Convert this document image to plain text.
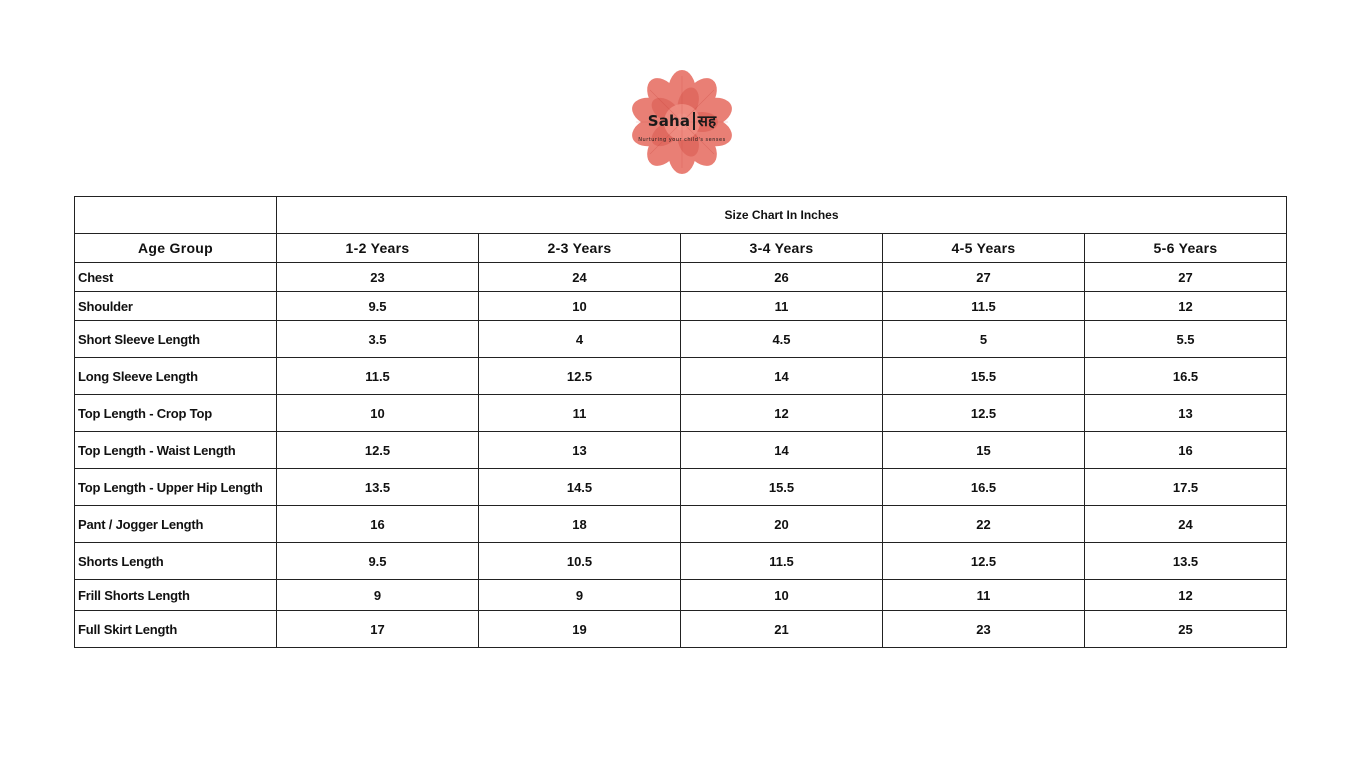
Saha सह
Nurturing your child's senses
	Size Chart In Inches				
Age Group	1-2 Years	2-3 Years	3-4 Years	4-5 Years	5-6 Years
Chest	23	24	26	27	27
Shoulder	9.5	10	11	11.5	12
Short Sleeve Length	3.5	4	4.5	5	5.5
Long Sleeve Length	11.5	12.5	14	15.5	16.5
Top Length - Crop Top	10	11	12	12.5	13
Top Length - Waist Length	12.5	13	14	15	16
Top Length - Upper Hip Length	13.5	14.5	15.5	16.5	17.5
Pant / Jogger Length	16	18	20	22	24
Shorts Length	9.5	10.5	11.5	12.5	13.5
Frill Shorts Length	9	9	10	11	12
Full Skirt Length	17	19	21	23	25
